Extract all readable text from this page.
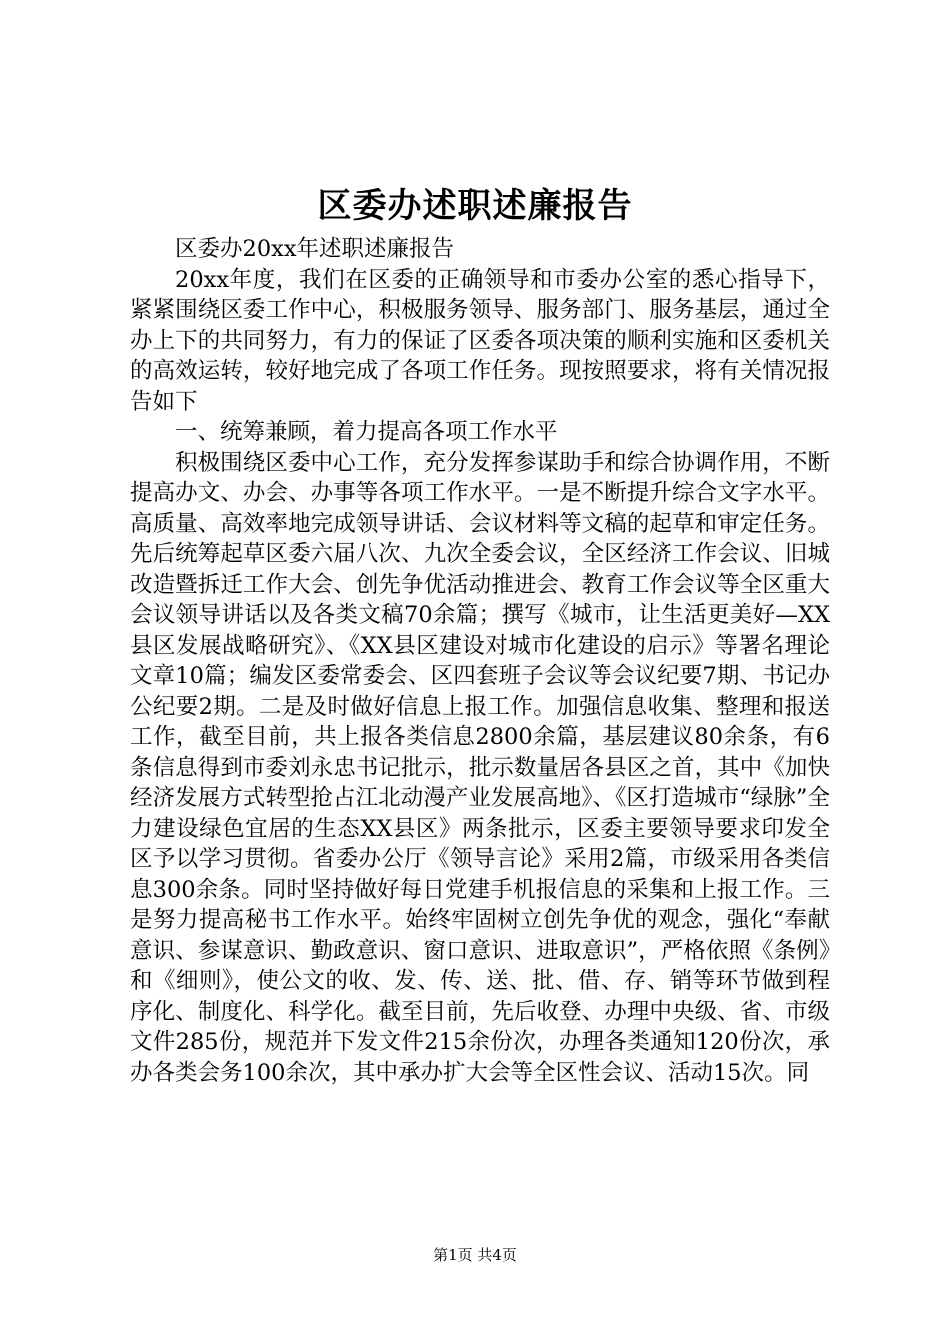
区委办述职述廉报告

区委办20xx年述职述廉报告

20xx年度，我们在区委的正确领导和市委办公室的悉心指导下，紧紧围绕区委工作中心，积极服务领导、服务部门、服务基层，通过全办上下的共同努力，有力的保证了区委各项决策的顺利实施和区委机关的高效运转，较好地完成了各项工作任务。现按照要求，将有关情况报告如下

一、统筹兼顾，着力提高各项工作水平

积极围绕区委中心工作，充分发挥参谋助手和综合协调作用，不断提高办文、办会、办事等各项工作水平。一是不断提升综合文字水平。高质量、高效率地完成领导讲话、会议材料等文稿的起草和审定任务。先后统筹起草区委六届八次、九次全委会议，全区经济工作会议、旧城改造暨拆迁工作大会、创先争优活动推进会、教育工作会议等全区重大会议领导讲话以及各类文稿70余篇；撰写《城市，让生活更美好—XX县区发展战略研究》、《XX县区建设对城市化建设的启示》等署名理论文章10篇；编发区委常委会、区四套班子会议等会议纪要7期、书记办公纪要2期。二是及时做好信息上报工作。加强信息收集、整理和报送工作，截至目前，共上报各类信息2800余篇，基层建议80余条，有6条信息得到市委刘永忠书记批示，批示数量居各县区之首，其中《加快经济发展方式转型抢占江北动漫产业发展高地》、《区打造城市“绿脉”全力建设绿色宜居的生态XX县区》两条批示，区委主要领导要求印发全区予以学习贯彻。省委办公厅《领导言论》采用2篇，市级采用各类信息300余条。同时坚持做好每日党建手机报信息的采集和上报工作。三是努力提高秘书工作水平。始终牢固树立创先争优的观念，强化“奉献意识、参谋意识、勤政意识、窗口意识、进取意识”，严格依照《条例》和《细则》，使公文的收、发、传、送、批、借、存、销等环节做到程序化、制度化、科学化。截至目前，先后收登、办理中央级、省、市级文件285份，规范并下发文件215余份次，办理各类通知120份次，承办各类会务100余次，其中承办扩大会等全区性会议、活动15次。同

第1页 共4页
